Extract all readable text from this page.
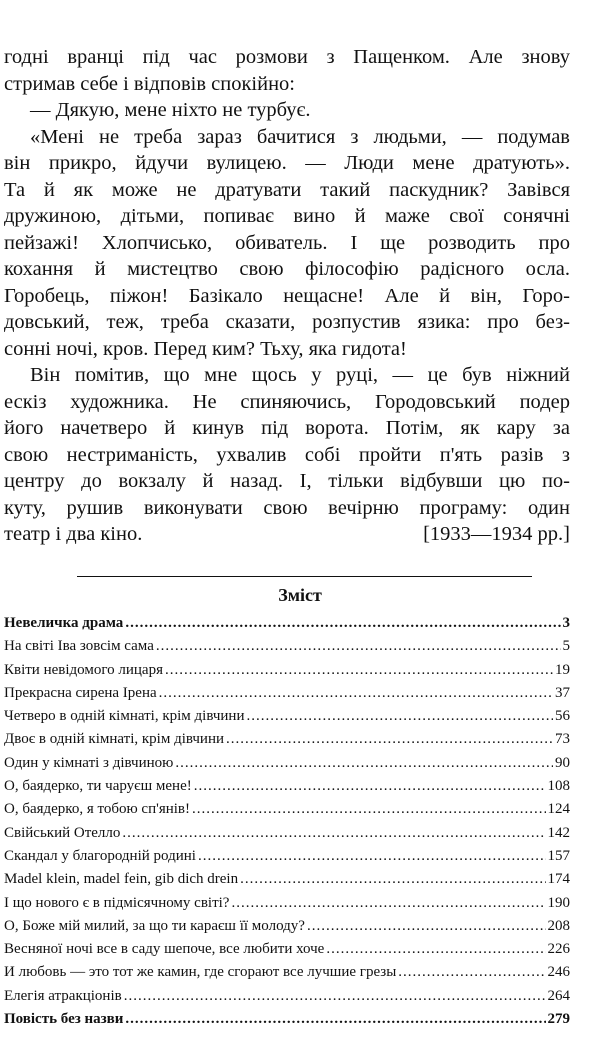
годні вранці під час розмови з Пащенком. Але знову
стримав себе і відповів спокійно:
— Дякую, мене ніхто не турбує.
«Мені не треба зараз бачитися з людьми, — подумав
він прикро, йдучи вулицею. — Люди мене дратують».
Та й як може не дратувати такий паскудник? Завівся
дружиною, дітьми, попиває вино й маже свої сонячні
пейзажі! Хлопчисько, обиватель. І ще розводить про
кохання й мистецтво свою філософію радісного осла.
Горобець, піжон! Базікало нещасне! Але й він, Горо-
довський, теж, треба сказати, розпустив язика: про без-
сонні ночі, кров. Перед ким? Тьху, яка гидота!
Він помітив, що мне щось у руці, — це був ніжний
ескіз художника. Не спиняючись, Городовський подер
його начетверо й кинув під ворота. Потім, як кару за
свою нестриманість, ухвалив собі пройти п'ять разів з
центру до вокзалу й назад. І, тільки відбувши цю по-
куту, рушив виконувати свою вечірню програму: один
театр і два кіно.	[1933—1934 рр.]
Зміст
Невеличка драма .....	3
На світі Іва зовсім сама .....	5
Квіти невідомого лицаря .....	19
Прекрасна сирена Ірена .....	37
Четверо в одній кімнаті, крім дівчини .....	56
Двоє в одній кімнаті, крім дівчини .....	73
Один у кімнаті з дівчиною .....	90
О, баядерко, ти чаруєш мене! .....	108
О, баядерко, я тобою сп'янів! .....	124
Свійський Отелло .....	142
Скандал у благородній родині .....	157
Madel klein, madel fein, gib dich drein .....	174
І що нового є в підмісячному світі? .....	190
О, Боже мій милий, за що ти караєш її молоду? .....	208
Весняної ночі все в саду шепоче, все любити хоче .....	226
И любовь — это тот же камин, где сгорают все лучшие грезы .....	246
Елегія атракціонів .....	264
Повість без назви .....	279
